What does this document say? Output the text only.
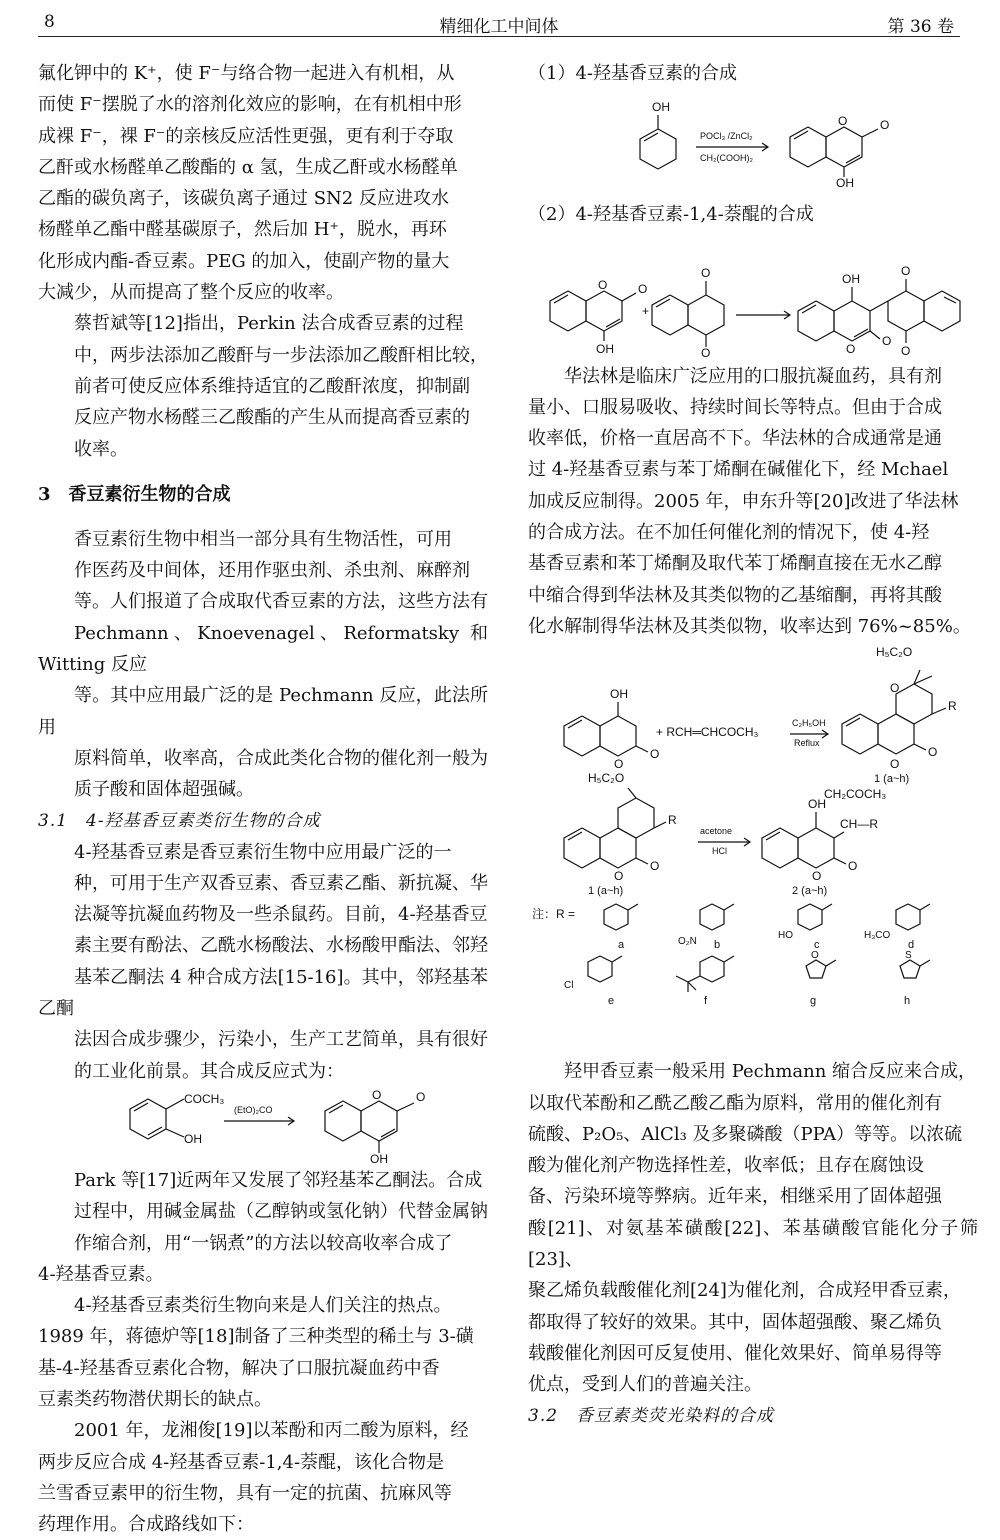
8	精细化工中间体	第 36 卷

氟化钾中的 K⁺，使 F⁻与络合物一起进入有机相，从
而使 F⁻摆脱了水的溶剂化效应的影响，在有机相中形
成裸 F⁻，裸 F⁻的亲核反应活性更强，更有利于夺取
乙酐或水杨醛单乙酸酯的 α 氢，生成乙酐或水杨醛单
乙酯的碳负离子，该碳负离子通过 SN2 反应进攻水
杨醛单乙酯中醛基碳原子，然后加 H⁺，脱水，再环
化形成内酯-香豆素。PEG 的加入，使副产物的量大
大减少，从而提高了整个反应的收率。

蔡哲斌等[12]指出，Perkin 法合成香豆素的过程
中，两步法添加乙酸酐与一步法添加乙酸酐相比较，
前者可使反应体系维持适宜的乙酸酐浓度，抑制副
反应产物水杨醛三乙酸酯的产生从而提高香豆素的
收率。

3　香豆素衍生物的合成

香豆素衍生物中相当一部分具有生物活性，可用
作医药及中间体，还用作驱虫剂、杀虫剂、麻醉剂
等。人们报道了合成取代香豆素的方法，这些方法有
Pechmann、Knoevenagel、Reformatsky 和 Witting 反应
等。其中应用最广泛的是 Pechmann 反应，此法所用
原料简单，收率高，合成此类化合物的催化剂一般为
质子酸和固体超强碱。

3.1　4-羟基香豆素类衍生物的合成

4-羟基香豆素是香豆素衍生物中应用最广泛的一
种，可用于生产双香豆素、香豆素乙酯、新抗凝、华
法凝等抗凝血药物及一些杀鼠药。目前，4-羟基香豆
素主要有酚法、乙酰水杨酸法、水杨酸甲酯法、邻羟
基苯乙酮法 4 种合成方法[15-16]。其中，邻羟基苯乙酮
法因合成步骤少，污染小，生产工艺简单，具有很好
的工业化前景。其合成反应式为：

COCH₃
OH
(EtO)₂CO
O
O
OH

Park 等[17]近两年又发展了邻羟基苯乙酮法。合成
过程中，用碱金属盐（乙醇钠或氢化钠）代替金属钠
作缩合剂，用“一锅煮”的方法以较高收率合成了
4-羟基香豆素。

4-羟基香豆素类衍生物向来是人们关注的热点。
1989 年，蒋德炉等[18]制备了三种类型的稀土与 3-磺
基-4-羟基香豆素化合物，解决了口服抗凝血药中香
豆素类药物潜伏期长的缺点。

2001 年，龙湘俊[19]以苯酚和丙二酸为原料，经
两步反应合成 4-羟基香豆素-1,4-萘醌，该化合物是
兰雪香豆素甲的衍生物，具有一定的抗菌、抗麻风等
药理作用。合成路线如下：

（1）4-羟基香豆素的合成

OH
POCl₃ /ZnCl₂
CH₂(COOH)₂
O
O
OH

（2）4-羟基香豆素-1,4-萘醌的合成

O
O
OH
+
O
O
O
O
OH
O
O

华法林是临床广泛应用的口服抗凝血药，具有剂
量小、口服易吸收、持续时间长等特点。但由于合成
收率低，价格一直居高不下。华法林的合成通常是通
过 4-羟基香豆素与苯丁烯酮在碱催化下，经 Mchael
加成反应制得。2005 年，申东升等[20]改进了华法林
的合成方法。在不加任何催化剂的情况下，使 4-羟
基香豆素和苯丁烯酮及取代苯丁烯酮直接在无水乙醇
中缩合得到华法林及其类似物的乙基缩酮，再将其酸
化水解制得华法林及其类似物，收率达到 76%~85%。

OH
O
O
+ RCH═CHCOCH₃
C₂H₅OH
Reflux
O
H₅C₂O
R
O
O
1 (a~h)
H₅C₂O
R
O
O
1 (a~h)
acetone
HCl
OH
CH₂COCH₃
CH—R
O
O
2 (a~h)
注：R =
a	O₂N b
HO
c
H₃CO
d
Cl
e	f
O
g
S
h

羟甲香豆素一般采用 Pechmann 缩合反应来合成，
以取代苯酚和乙酰乙酸乙酯为原料，常用的催化剂有
硫酸、P₂O₅、AlCl₃ 及多聚磷酸（PPA）等等。以浓硫
酸为催化剂产物选择性差，收率低；且存在腐蚀设
备、污染环境等弊病。近年来，相继采用了固体超强
酸[21]、对氨基苯磺酸[22]、苯基磺酸官能化分子筛[23]、
聚乙烯负载酸催化剂[24]为催化剂，合成羟甲香豆素，
都取得了较好的效果。其中，固体超强酸、聚乙烯负
载酸催化剂因可反复使用、催化效果好、简单易得等
优点，受到人们的普遍关注。

3.2　香豆素类荧光染料的合成
